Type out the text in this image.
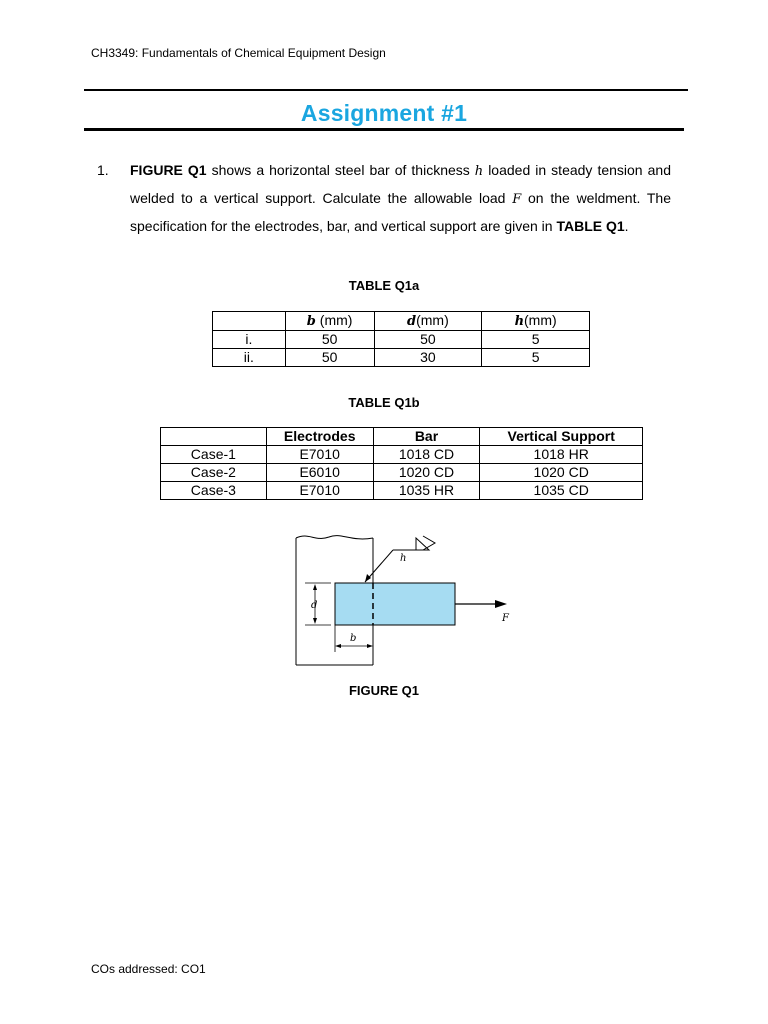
CH3349: Fundamentals of Chemical Equipment Design
Assignment #1
1. FIGURE Q1 shows a horizontal steel bar of thickness h loaded in steady tension and welded to a vertical support. Calculate the allowable load F on the weldment. The specification for the electrodes, bar, and vertical support are given in TABLE Q1.
TABLE Q1a
	b (mm)	d(mm)	h(mm)
i.	50	50	5
ii.	50	30	5
TABLE Q1b
	Electrodes	Bar	Vertical Support
Case-1	E7010	1018 CD	1018 HR
Case-2	E6010	1020 CD	1020 CD
Case-3	E7010	1035 HR	1035 CD
F
h
d
b
FIGURE Q1
COs addressed: CO1
